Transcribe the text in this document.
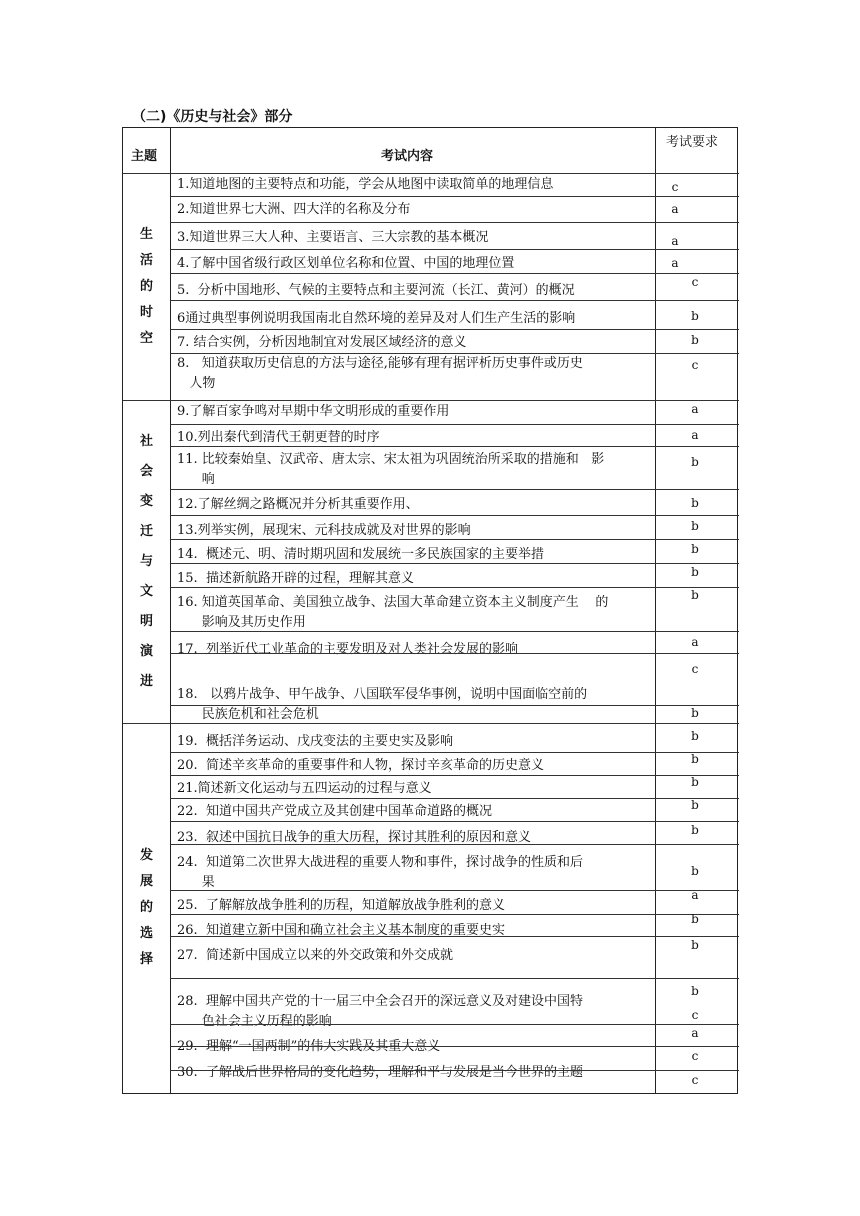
（二)《历史与社会》部分
主题	考试内容
考试要求
生
活
的
时
空
社
会
变
迁
与
文
明
演
进
发
展
的
选
择
1.知道地图的主要特点和功能，学会从地图中读取简单的地理信息
2.知道世界七大洲、四大洋的名称及分布
3.知道世界三大人种、主要语言、三大宗教的基本概况
4.了解中国省级行政区划单位名称和位置、中国的地理位置
5.  分析中国地形、气候的主要特点和主要河流（长江、黄河）的概况
6通过典型事例说明我国南北自然环境的差异及对人们生产生活的影响
7. 结合实例，分析因地制宜对发展区域经济的意义
8.   知道获取历史信息的方法与途径,能够有理有据评析历史事件或历史
人物
9.了解百家争鸣对早期中华文明形成的重要作用
10.列出秦代到清代王朝更替的时序
11. 比较秦始皇、汉武帝、唐太宗、宋太祖为巩固统治所采取的措施和   影
响
12.了解丝绸之路概况并分析其重要作用、
13.列举实例，展现宋、元科技成就及对世界的影响
14.  概述元、明、清时期巩固和发展统一多民族国家的主要举措
15.  描述新航路开辟的过程，理解其意义
16. 知道英国革命、美国独立战争、法国大革命建立资本主义制度产生    的
影响及其历史作用
17.  列举近代工业革命的主要发明及对人类社会发展的影响
18.   以鸦片战争、甲午战争、八国联军侵华事例，说明中国面临空前的
民族危机和社会危机
19.  概括洋务运动、戊戌变法的主要史实及影响
20.  简述辛亥革命的重要事件和人物，探讨辛亥革命的历史意义
21.简述新文化运动与五四运动的过程与意义
22.  知道中国共产党成立及其创建中国革命道路的概况
23.  叙述中国抗日战争的重大历程，探讨其胜利的原因和意义
24.  知道第二次世界大战进程的重要人物和事件，探讨战争的性质和后
果
25.  了解解放战争胜利的历程，知道解放战争胜利的意义
26.  知道建立新中国和确立社会主义基本制度的重要史实
27.  简述新中国成立以来的外交政策和外交成就
28.  理解中国共产党的十一届三中全会召开的深远意义及对建设中国特
色社会主义历程的影响
29.  理解“一国两制”的伟大实践及其重大意义
30.  了解战后世界格局的变化趋势，理解和平与发展是当今世界的主题
c
a
a
a
c
b
b
c
a
a
b
b
b
b
b
b
a
c
b
b
b
b
b
b
b
a
b
b
b
c
a
c
c
